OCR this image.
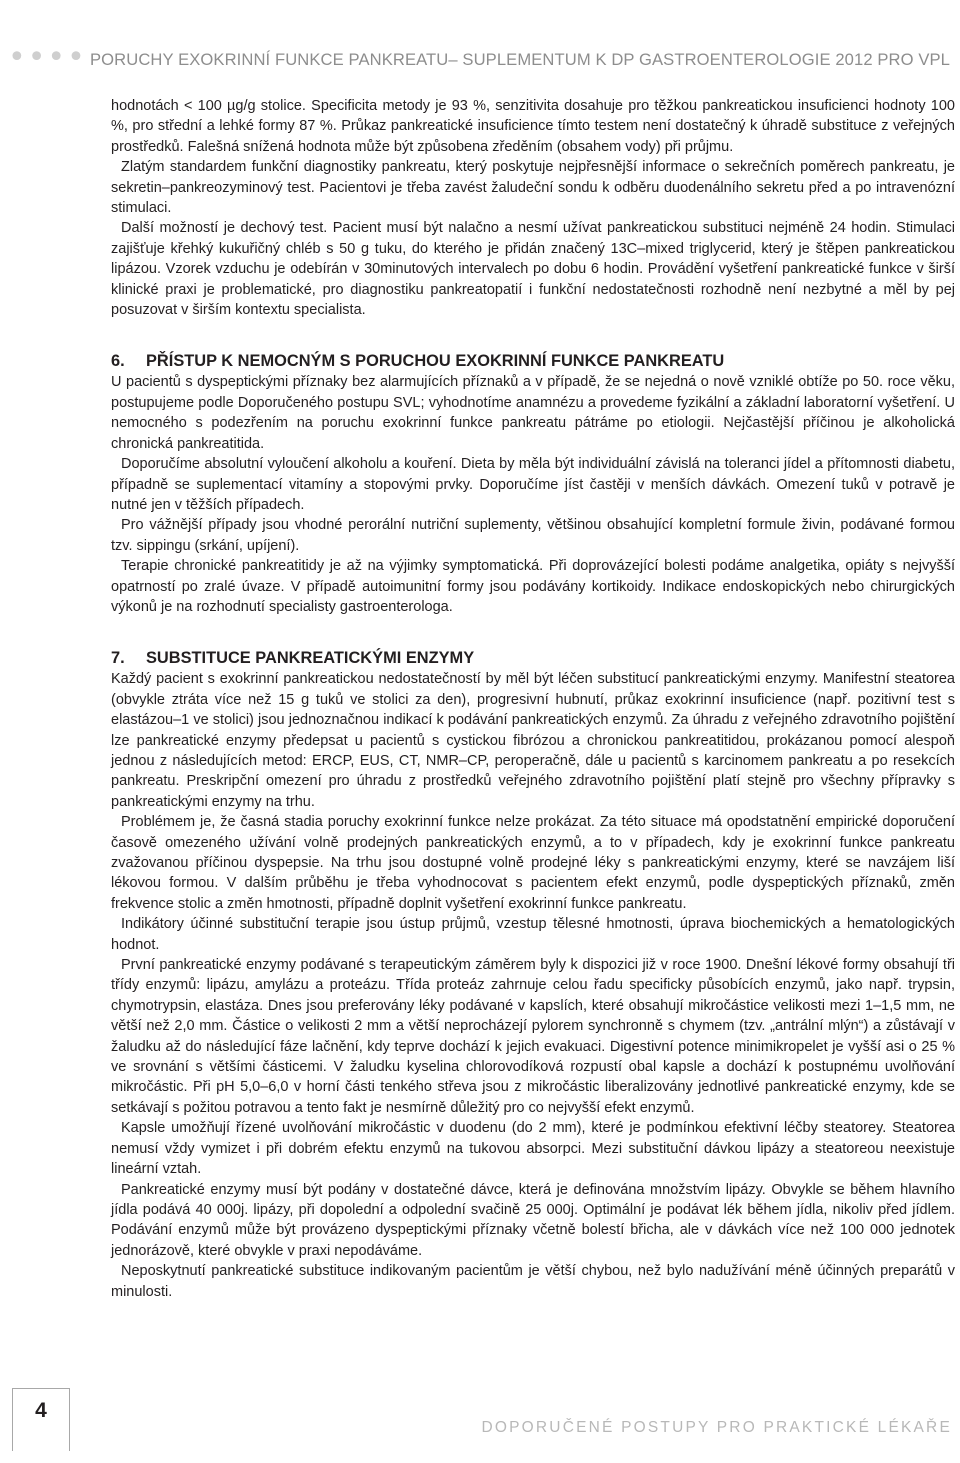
•••• PORUCHY EXOKRINNÍ FUNKCE PANKREATU– SUPLEMENTUM K DP GASTROENTEROLOGIE 2012 PRO VPL

hodnotách < 100 µg/g stolice. Specificita metody je 93 %, senzitivita dosahuje pro těžkou pankreatickou insuficienci hodnoty 100 %, pro střední a lehké formy 87 %. Průkaz pankreatické insuficience tímto testem není dostatečný k úhradě substituce z veřejných prostředků. Falešná snížená hodnota může být způsobena zředěním (obsahem vody) při průjmu.

Zlatým standardem funkční diagnostiky pankreatu, který poskytuje nejpřesnější informace o sekrečních poměrech pankreatu, je sekretin–pankreozyminový test. Pacientovi je třeba zavést žaludeční sondu k odběru duodenálního sekretu před a po intravenózní stimulaci.

Další možností je dechový test. Pacient musí být nalačno a nesmí užívat pankreatickou substituci nejméně 24 hodin. Stimulaci zajišťuje křehký kukuřičný chléb s 50 g tuku, do kterého je přidán značený 13C–mixed triglycerid, který je štěpen pankreatickou lipázou. Vzorek vzduchu je odebírán v 30minutových intervalech po dobu 6 hodin. Provádění vyšetření pankreatické funkce v širší klinické praxi je problematické, pro diagnostiku pankreatopatií i funkční nedostatečnosti rozhodně není nezbytné a měl by pej posuzovat v širším kontextu specialista.

6. PŘÍSTUP K NEMOCNÝM S PORUCHOU EXOKRINNÍ FUNKCE PANKREATU

U pacientů s dyspeptickými příznaky bez alarmujících příznaků a v případě, že se nejedná o nově vzniklé obtíže po 50. roce věku, postupujeme podle Doporučeného postupu SVL; vyhodnotíme anamnézu a provedeme fyzikální a základní laboratorní vyšetření. U nemocného s podezřením na poruchu exokrinní funkce pankreatu pátráme po etiologii. Nejčastější příčinou je alkoholická chronická pankreatitida.

Doporučíme absolutní vyloučení alkoholu a kouření. Dieta by měla být individuální závislá na toleranci jídel a přítomnosti diabetu, případně se suplementací vitamíny a stopovými prvky. Doporučíme jíst častěji v menších dávkách. Omezení tuků v potravě je nutné jen v těžších případech.

Pro vážnější případy jsou vhodné perorální nutriční suplementy, většinou obsahující kompletní formule živin, podávané formou tzv. sippingu (srkání, upíjení).

Terapie chronické pankreatitidy je až na výjimky symptomatická. Při doprovázející bolesti podáme analgetika, opiáty s nejvyšší opatrností po zralé úvaze. V případě autoimunitní formy jsou podávány kortikoidy. Indikace endoskopických nebo chirurgických výkonů je na rozhodnutí specialisty gastroenterologa.

7. SUBSTITUCE PANKREATICKÝMI ENZYMY

Každý pacient s exokrinní pankreatickou nedostatečností by měl být léčen substitucí pankreatickými enzymy. Manifestní steatorea (obvykle ztráta více než 15 g tuků ve stolici za den), progresivní hubnutí, průkaz exokrinní insuficience (např. pozitivní test s elastázou–1 ve stolici) jsou jednoznačnou indikací k podávání pankreatických enzymů. Za úhradu z veřejného zdravotního pojištění lze pankreatické enzymy předepsat u pacientů s cystickou fibrózou a chronickou pankreatitidou, prokázanou pomocí alespoň jednou z následujících metod: ERCP, EUS, CT, NMR–CP, peroperačně, dále u pacientů s karcinomem pankreatu a po resekcích pankreatu. Preskripční omezení pro úhradu z prostředků veřejného zdravotního pojištění platí stejně pro všechny přípravky s pankreatickými enzymy na trhu.

Problémem je, že časná stadia poruchy exokrinní funkce nelze prokázat. Za této situace má opodstatnění empirické doporučení časově omezeného užívání volně prodejných pankreatických enzymů, a to v případech, kdy je exokrinní funkce pankreatu zvažovanou příčinou dyspepsie. Na trhu jsou dostupné volně prodejné léky s pankreatickými enzymy, které se navzájem liší lékovou formou. V dalším průběhu je třeba vyhodnocovat s pacientem efekt enzymů, podle dyspeptických příznaků, změn frekvence stolic a změn hmotnosti, případně doplnit vyšetření exokrinní funkce pankreatu.

Indikátory účinné substituční terapie jsou ústup průjmů, vzestup tělesné hmotnosti, úprava biochemických a hematologických hodnot.

První pankreatické enzymy podávané s terapeutickým záměrem byly k dispozici již v roce 1900. Dnešní lékové formy obsahují tři třídy enzymů: lipázu, amylázu a proteázu. Třída proteáz zahrnuje celou řadu specificky působících enzymů, jako např. trypsin, chymotrypsin, elastáza. Dnes jsou preferovány léky podávané v kapslích, které obsahují mikročástice velikosti mezi 1–1,5 mm, ne větší než 2,0 mm. Částice o velikosti 2 mm a větší neprocházejí pylorem synchronně s chymem (tzv. „antrální mlýn“) a zůstávají v žaludku až do následující fáze lačnění, kdy teprve dochází k jejich evakuaci. Digestivní potence minimikropelet je vyšší asi o 25 % ve srovnání s většími částicemi. V žaludku kyselina chlorovodíková rozpustí obal kapsle a dochází k postupnému uvolňování mikročástic. Při pH 5,0–6,0 v horní části tenkého střeva jsou z mikročástic liberalizovány jednotlivé pankreatické enzymy, kde se setkávají s požitou potravou a tento fakt je nesmírně důležitý pro co nejvyšší efekt enzymů.

Kapsle umožňují řízené uvolňování mikročástic v duodenu (do 2 mm), které je podmínkou efektivní léčby steatorey. Steatorea nemusí vždy vymizet i při dobrém efektu enzymů na tukovou absorpci. Mezi substituční dávkou lipázy a steatoreou neexistuje lineární vztah.

Pankreatické enzymy musí být podány v dostatečné dávce, která je definována množstvím lipázy. Obvykle se během hlavního jídla podává 40 000j. lipázy, při dopolední a odpolední svačině 25 000j. Optimální je podávat lék během jídla, nikoliv před jídlem. Podávání enzymů může být provázeno dyspeptickými příznaky včetně bolestí břicha, ale v dávkách více než 100 000 jednotek jednorázově, které obvykle v praxi nepodáváme.

Neposkytnutí pankreatické substituce indikovaným pacientům je větší chybou, než bylo nadužívání méně účinných preparátů v minulosti.

4
DOPORUČENÉ POSTUPY PRO PRAKTICKÉ LÉKAŘE
